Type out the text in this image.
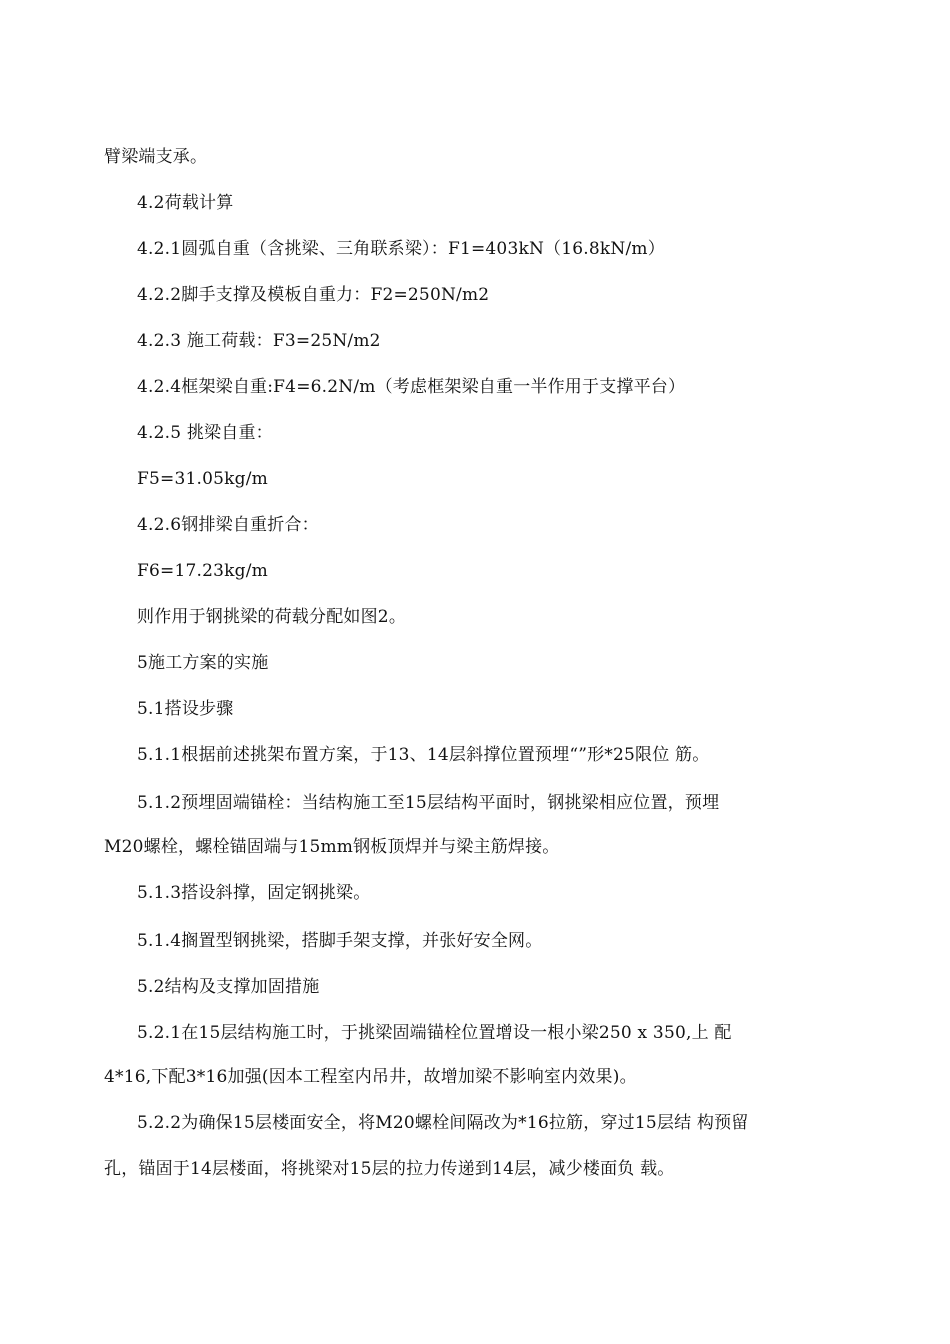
臂梁端支承。
4.2荷载计算
4.2.1圆弧自重（含挑梁、三角联系梁）：F1=403kN（16.8kN/m）
4.2.2脚手支撑及模板自重力：F2=250N/m2
4.2.3 施工荷载：F3=25N/m2
4.2.4框架梁自重:F4=6.2N/m（考虑框架梁自重一半作用于支撑平台）
4.2.5 挑梁自重：
F5=31.05kg/m
4.2.6钢排梁自重折合：
F6=17.23kg/m
则作用于钢挑梁的荷载分配如图2。
5施工方案的实施
5.1搭设步骤
5.1.1根据前述挑架布置方案，于13、14层斜撑位置预埋“”形*25限位 筋。
5.1.2预埋固端锚栓：当结构施工至15层结构平面时，钢挑梁相应位置，预埋
M20螺栓，螺栓锚固端与15mm钢板顶焊并与梁主筋焊接。
5.1.3搭设斜撑，固定钢挑梁。
5.1.4搁置型钢挑梁，搭脚手架支撑，并张好安全网。
5.2结构及支撑加固措施
5.2.1在15层结构施工时，于挑梁固端锚栓位置增设一根小梁250 x 350,上 配
4*16,下配3*16加强(因本工程室内吊井，故增加梁不影响室内效果)。
5.2.2为确保15层楼面安全，将M20螺栓间隔改为*16拉筋，穿过15层结 构预留
孔，锚固于14层楼面，将挑梁对15层的拉力传递到14层，减少楼面负 载。
